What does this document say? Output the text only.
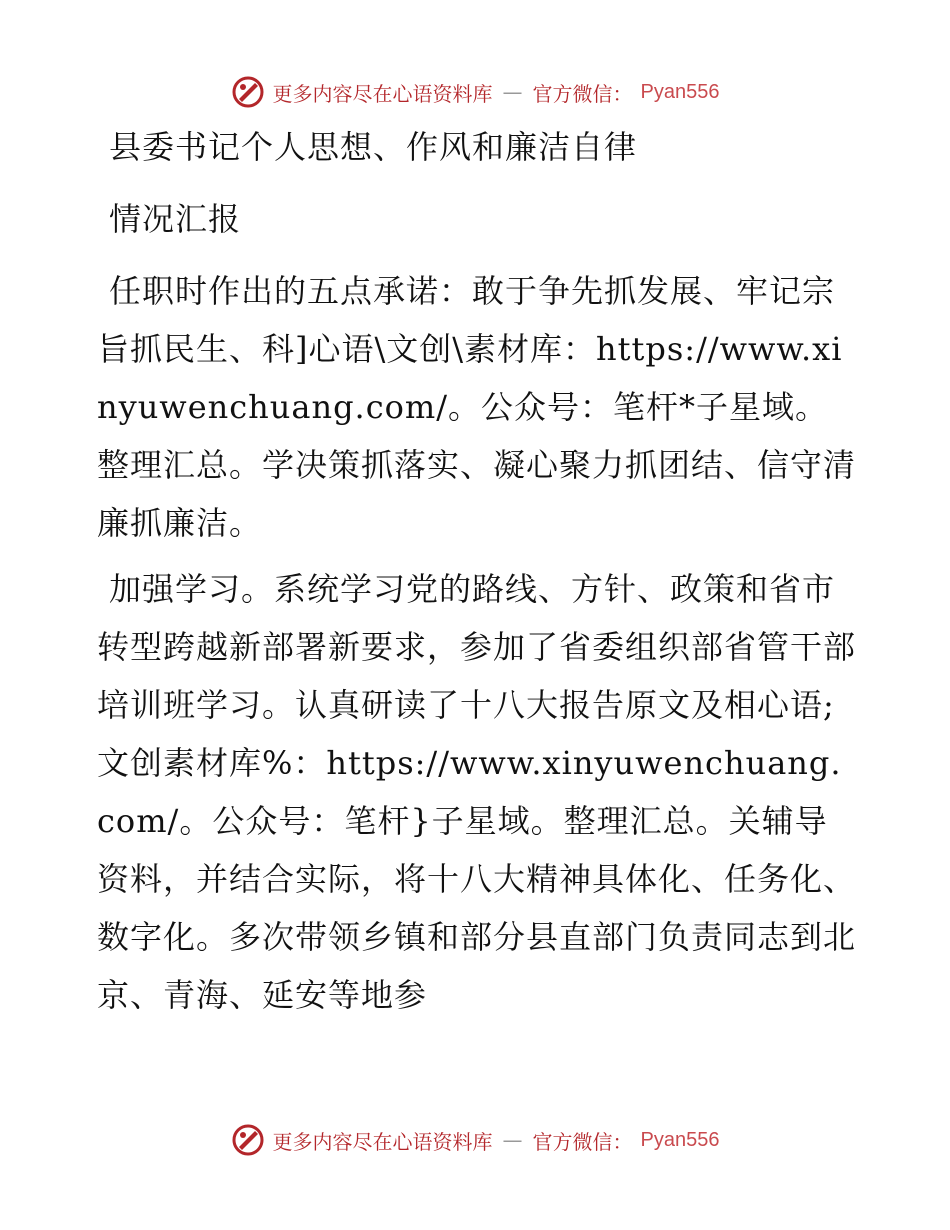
更多内容尽在心语资料库 — 官方微信： Pyan556

县委书记个人思想、作风和廉洁自律

情况汇报

任职时作出的五点承诺：敢于争先抓发展、牢记宗旨抓民生、科]心语\文创\素材库：https://www.xinyuwenchuang.com/。公众号：笔杆*子星域。整理汇总。学决策抓落实、凝心聚力抓团结、信守清廉抓廉洁。

加强学习。系统学习党的路线、方针、政策和省市转型跨越新部署新要求，参加了省委组织部省管干部培训班学习。认真研读了十八大报告原文及相心语;文创素材库%：https://www.xinyuwenchuang.com/。公众号：笔杆}子星域。整理汇总。关辅导资料，并结合实际，将十八大精神具体化、任务化、数字化。多次带领乡镇和部分县直部门负责同志到北京、青海、延安等地参

更多内容尽在心语资料库 — 官方微信： Pyan556
